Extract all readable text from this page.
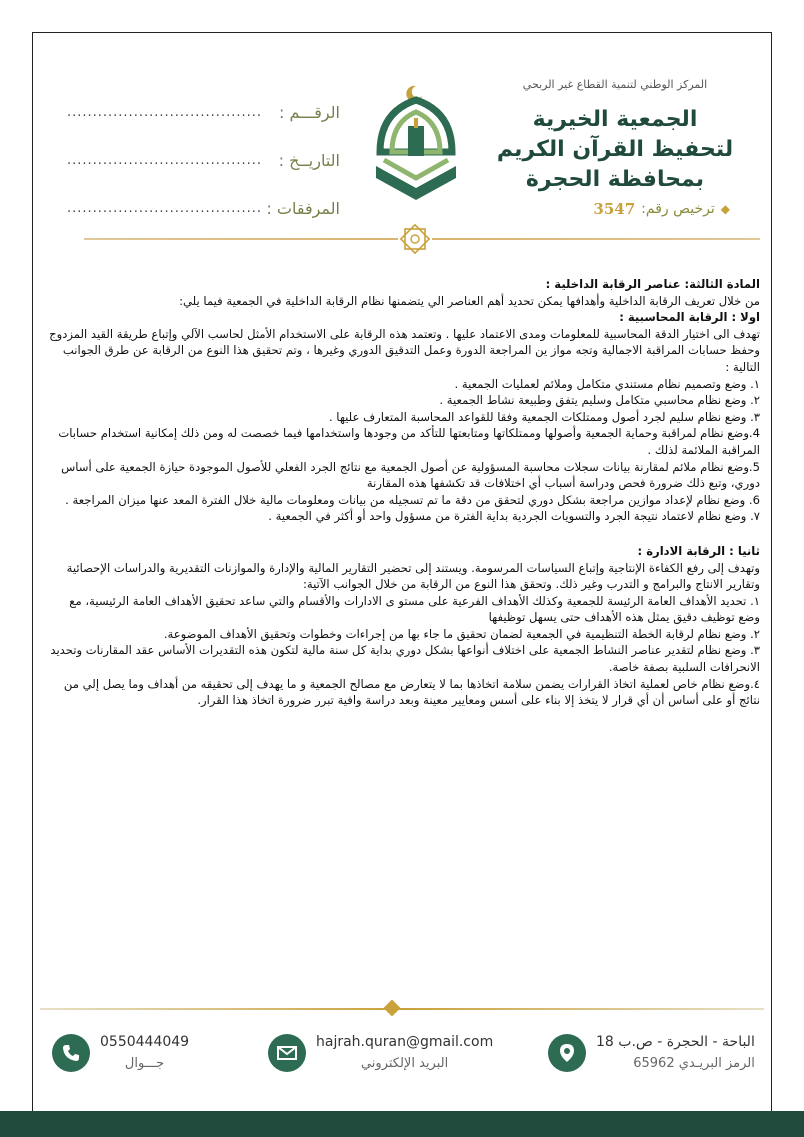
الرقـــم :
......................................
التاريــخ :
......................................
المرفقات :
......................................
المركز الوطني لتنمية القطاع غير الربحي
الجمعية الخيرية
لتحفيظ القرآن الكريم
بمحافظة الحجرة
◆
ترخيص رقم:
3547

المادة الثالثة: عناصر الرقابة الداخلية :

من خلال تعريف الرقابة الداخلية وأهدافها يمكن تحديد أهم العناصر الي يتضمنها نظام الرقابة الداخلية في الجمعية فيما يلي:

اولا : الرقابة المحاسبية :

تهدف الى اختيار الدقة المحاسبية للمعلومات ومدى الاعتماد عليها . وتعتمد هذه الرقابة على الاستخدام الأمثل لحاسب الآلي وإتباع طريقة القيد المزدوج وحفظ حسابات المراقبة الاجمالية وتجه مواز ين المراجعة الدورة وعمل التدقيق الدوري وغيرها ، وتم تحقيق هذا النوع من الرقابة عن طرق الجوانب التالية :

١. وضع وتصميم نظام مستندي متكامل وملائم لعمليات الجمعية .

٢. وضع نظام محاسبي متكامل وسليم يتفق وطبيعة نشاط الجمعية .

٣. وضع نظام سليم لجرد أصول وممتلكات الجمعية وفقا للقواعد المحاسبة المتعارف عليها .

4.وضع نظام لمراقبة وحماية الجمعية وأصولها وممتلكاتها ومتابعتها للتأكد من وجودها واستخدامها فيما خصصت له ومن ذلك إمكانية استخدام حسابات المراقبة الملائمة لذلك .

5.وضع نظام ملائم لمقارنة بيانات سجلات محاسبة المسؤولية عن أصول الجمعية مع نتائج الجرد الفعلي للأصول الموجودة حيازة الجمعية على أساس دوري، وتبع ذلك ضرورة فحص ودراسة أسباب أي اختلافات قد تكشفها هذه المقارنة

6. وضع نظام لإعداد موازين مراجعة بشكل دوري لتحقق من دقة ما تم تسجيله من بيانات ومعلومات مالية خلال الفترة المعد عنها ميزان المراجعة .

٧. وضع نظام لاعتماد نتيجة الجرد والتسويات الجردية بداية الفترة من مسؤول واحد أو أكثر في الجمعية .

ثانيا : الرقابة الادارة :

وتهدف إلى رفع الكفاءة الإنتاجية وإتباع السياسات المرسومة. ويستند إلى تحضير التقارير المالية والإدارة والموازنات التقديرية والدراسات الإحصائية وتقارير الانتاج والبرامج و التدرب وغير ذلك. وتحقق هذا النوع من الرقابة من خلال الجوانب الآتية:

١. تحديد الأهداف العامة الرئيسة للجمعية وكذلك الأهداف الفرعية على مستو ى الادارات والأقسام والتي ساعد تحقيق الأهداف العامة الرئيسية، مع وضع توظيف دقيق يمثل هذه الأهداف حتى يسهل توظيفها

٢. وضع نظام لرقابة الخطة التنظيمية في الجمعية لضمان تحقيق ما جاء بها من إجراءات وخطوات وتحقيق الأهداف الموضوعة.

٣. وضع نظام لتقدير عناصر النشاط الجمعية على اختلاف أنواعها بشكل دوري بداية كل سنة مالية لتكون هذه التقديرات الأساس عقد المقارنات وتحديد الانحرافات السلبية بصفة خاصة.

٤.وضع نظام خاص لعملية اتخاذ القرارات يضمن سلامة اتخاذها بما لا يتعارض مع مصالح الجمعية و ما يهدف إلى تحقيقه من أهداف وما يصل إلي من نتائج أو على أساس أن أي قرار لا يتخذ إلا بناء على أسس ومعايير معينة وبعد دراسة وافية تبرر ضرورة اتخاذ هذا القرار.

0550444049
جـــوال
hajrah.quran@gmail.com
البريد الإلكتروني
الباحة - الحجرة - ص.ب 18
الرمز البريـدي 65962
